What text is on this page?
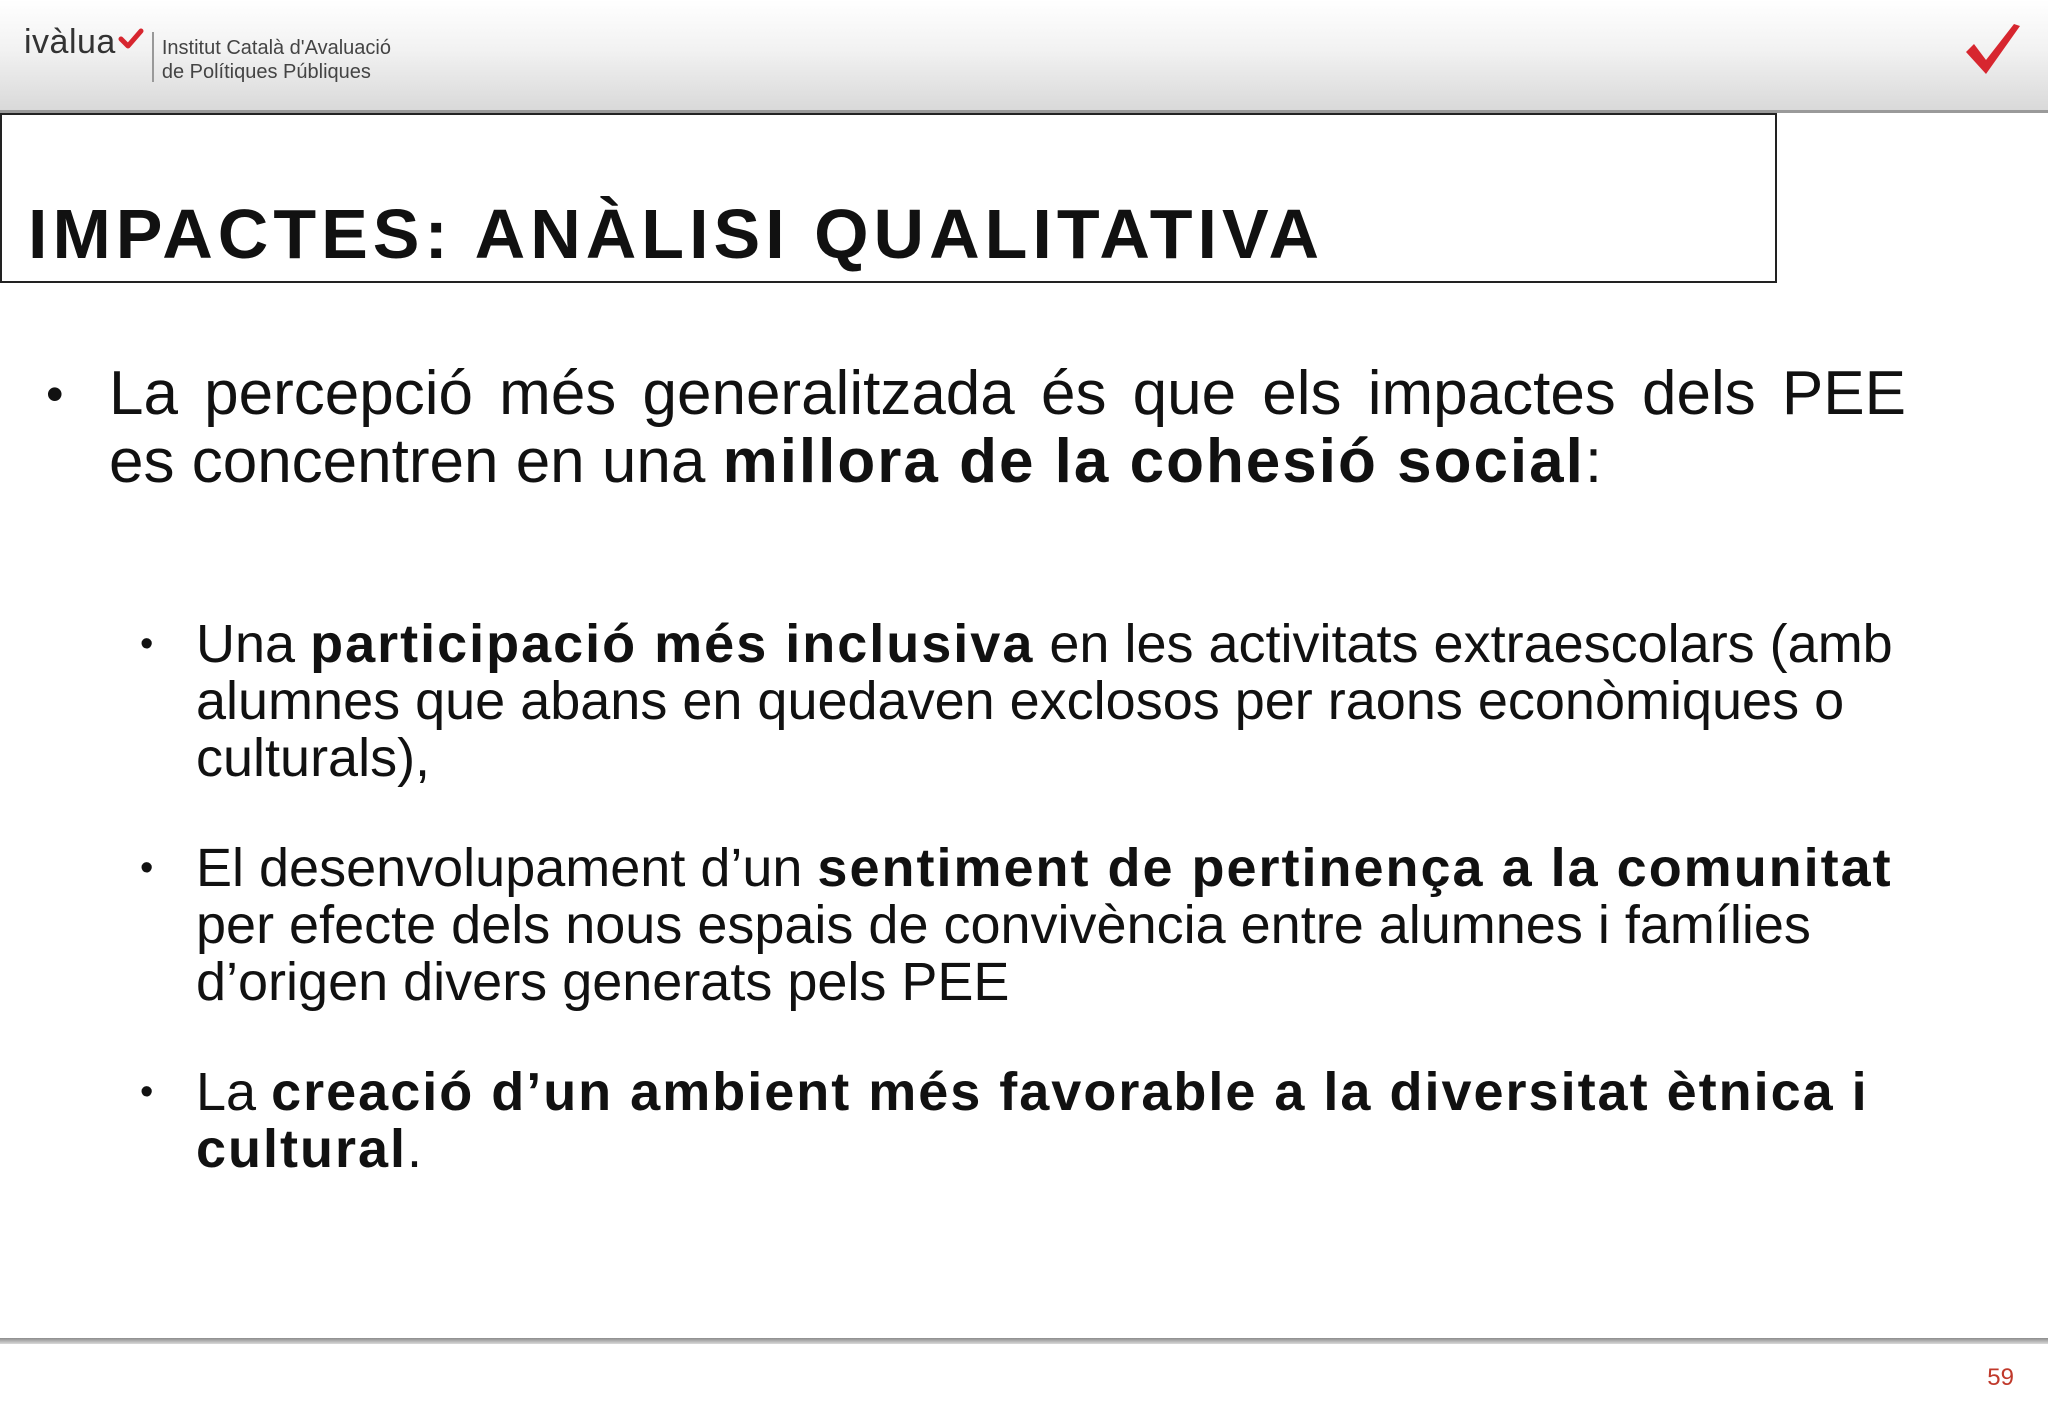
ivàlua Institut Català d'Avaluació
de Polítiques Públiques
IMPACTES: ANÀLISI QUALITATIVA
• La percepció més generalitzada és que els impactes dels PEE es concentren en una millora de la cohesió social:
• Una participació més inclusiva en les activitats extraescolars (amb alumnes que abans en quedaven exclosos per raons econòmiques o culturals),
• El desenvolupament d’un sentiment de pertinença a la comunitat per efecte dels nous espais de convivència entre alumnes i famílies d’origen divers generats pels PEE
• La creació d’un ambient més favorable a la diversitat ètnica i cultural.
59
